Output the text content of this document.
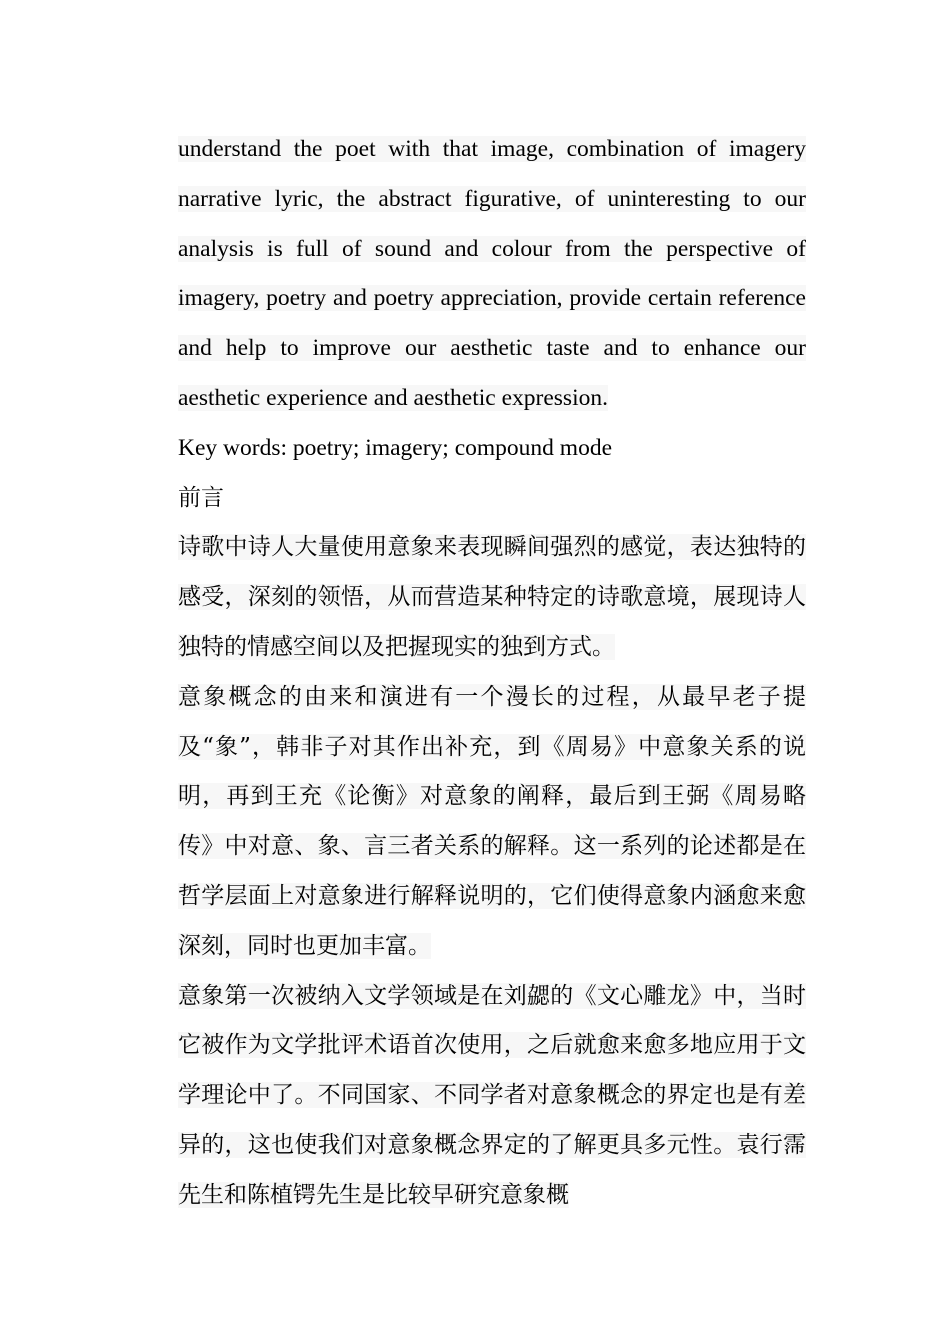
understand the poet with that image, combination of imagery narrative lyric, the abstract figurative, of uninteresting to our analysis is full of sound and colour from the perspective of imagery, poetry and poetry appreciation, provide certain reference and help to improve our aesthetic taste and to enhance our aesthetic experience and aesthetic expression.

Key words: poetry; imagery; compound mode

前言

诗歌中诗人大量使用意象来表现瞬间强烈的感觉，表达独特的感受，深刻的领悟，从而营造某种特定的诗歌意境，展现诗人独特的情感空间以及把握现实的独到方式。

意象概念的由来和演进有一个漫长的过程，从最早老子提及“象”，韩非子对其作出补充，到《周易》中意象关系的说明，再到王充《论衡》对意象的阐释，最后到王弼《周易略传》中对意、象、言三者关系的解释。这一系列的论述都是在哲学层面上对意象进行解释说明的，它们使得意象内涵愈来愈深刻，同时也更加丰富。

意象第一次被纳入文学领域是在刘勰的《文心雕龙》中，当时它被作为文学批评术语首次使用，之后就愈来愈多地应用于文学理论中了。不同国家、不同学者对意象概念的界定也是有差异的，这也使我们对意象概念界定的了解更具多元性。袁行霈先生和陈植锷先生是比较早研究意象概
